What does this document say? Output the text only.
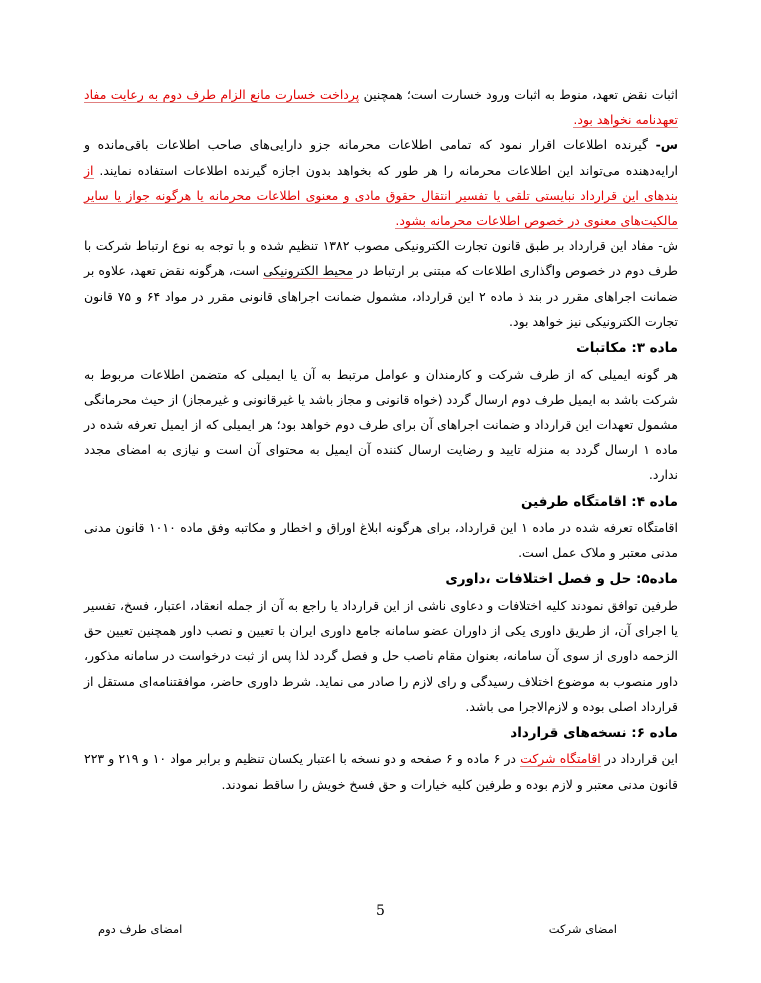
اثبات نقض تعهد، منوط به اثبات ورود خسارت است؛ همچنین پرداخت خسارت مانع الزام طرف دوم به رعایت مفاد تعهدنامه نخواهد بود.

س- گیرنده اطلاعات اقرار نمود که تمامی اطلاعات محرمانه جزو دارایی‌های صاحب اطلاعات باقی‌مانده و ارایه‌دهنده می‌تواند این اطلاعات محرمانه را هر طور که بخواهد بدون اجازه گیرنده اطلاعات استفاده نمایند. از بندهای این قرارداد نبایستی تلقی یا تفسیر انتقال حقوق مادی و معنوی اطلاعات محرمانه یا هرگونه جواز یا سایر مالکیت‌های معنوی در خصوص اطلاعات محرمانه بشود.

ش- مفاد این قرارداد بر طبق قانون تجارت الکترونیکی مصوب ۱۳۸۲ تنظیم شده و با توجه به نوع ارتباط شرکت با طرف دوم در خصوص واگذاری اطلاعات که مبتنی بر ارتباط در محیط الکترونیکی است، هرگونه نقض تعهد، علاوه بر ضمانت اجراهای مقرر در بند ذ ماده ۲ این قرارداد، مشمول ضمانت اجراهای قانونی مقرر در مواد ۶۴ و ۷۵ قانون تجارت الکترونیکی نیز خواهد بود.

ماده ۳: مکاتبات

هر گونه ایمیلی که از طرف شرکت و کارمندان و عوامل مرتبط به آن یا ایمیلی که متضمن اطلاعات مربوط به شرکت باشد به ایمیل طرف دوم ارسال گردد (خواه قانونی و مجاز باشد یا غیرقانونی و غیرمجاز) از حیث محرمانگی مشمول تعهدات این قرارداد و ضمانت اجراهای آن برای طرف دوم خواهد بود؛ هر ایمیلی که از ایمیل تعرفه شده در ماده ۱ ارسال گردد به منزله تایید و رضایت ارسال کننده آن ایمیل به محتوای آن است و نیازی به امضای مجدد ندارد.

ماده ۴: اقامتگاه طرفین

اقامتگاه تعرفه شده در ماده ۱ این قرارداد، برای هرگونه ابلاغ اوراق و اخطار و مکاتبه وفق ماده ۱۰۱۰ قانون مدنی مدنی معتبر و ملاک عمل است.

ماده۵: حل و فصل اختلافات ،داوری

طرفین توافق نمودند کلیه اختلافات و دعاوی ناشی از این قرارداد یا راجع به آن از جمله انعقاد، اعتبار، فسخ، تفسیر یا اجرای آن، از طریق داوری یکی از داوران عضو سامانه جامع داوری ایران با تعیین و نصب داور همچنین تعیین حق الزحمه داوری از سوی آن سامانه، بعنوان مقام ناصب حل و فصل گردد لذا پس از ثبت درخواست در سامانه مذکور، داور منصوب به موضوع اختلاف رسیدگی و رای لازم را صادر می نماید. شرط داوری حاضر، موافقتنامه‌ای مستقل از قرارداد اصلی بوده و لازم‌الاجرا می باشد.

ماده ۶: نسخه‌های قرارداد

این قرارداد در اقامتگاه شرکت در ۶ ماده و ۶ صفحه و دو نسخه با اعتبار یکسان تنظیم و برابر مواد ۱۰ و ۲۱۹ و ۲۲۳ قانون مدنی معتبر و لازم بوده و طرفین کلیه خیارات و حق فسخ خویش را ساقط نمودند.

5
امضای شرکت
امضای طرف دوم
